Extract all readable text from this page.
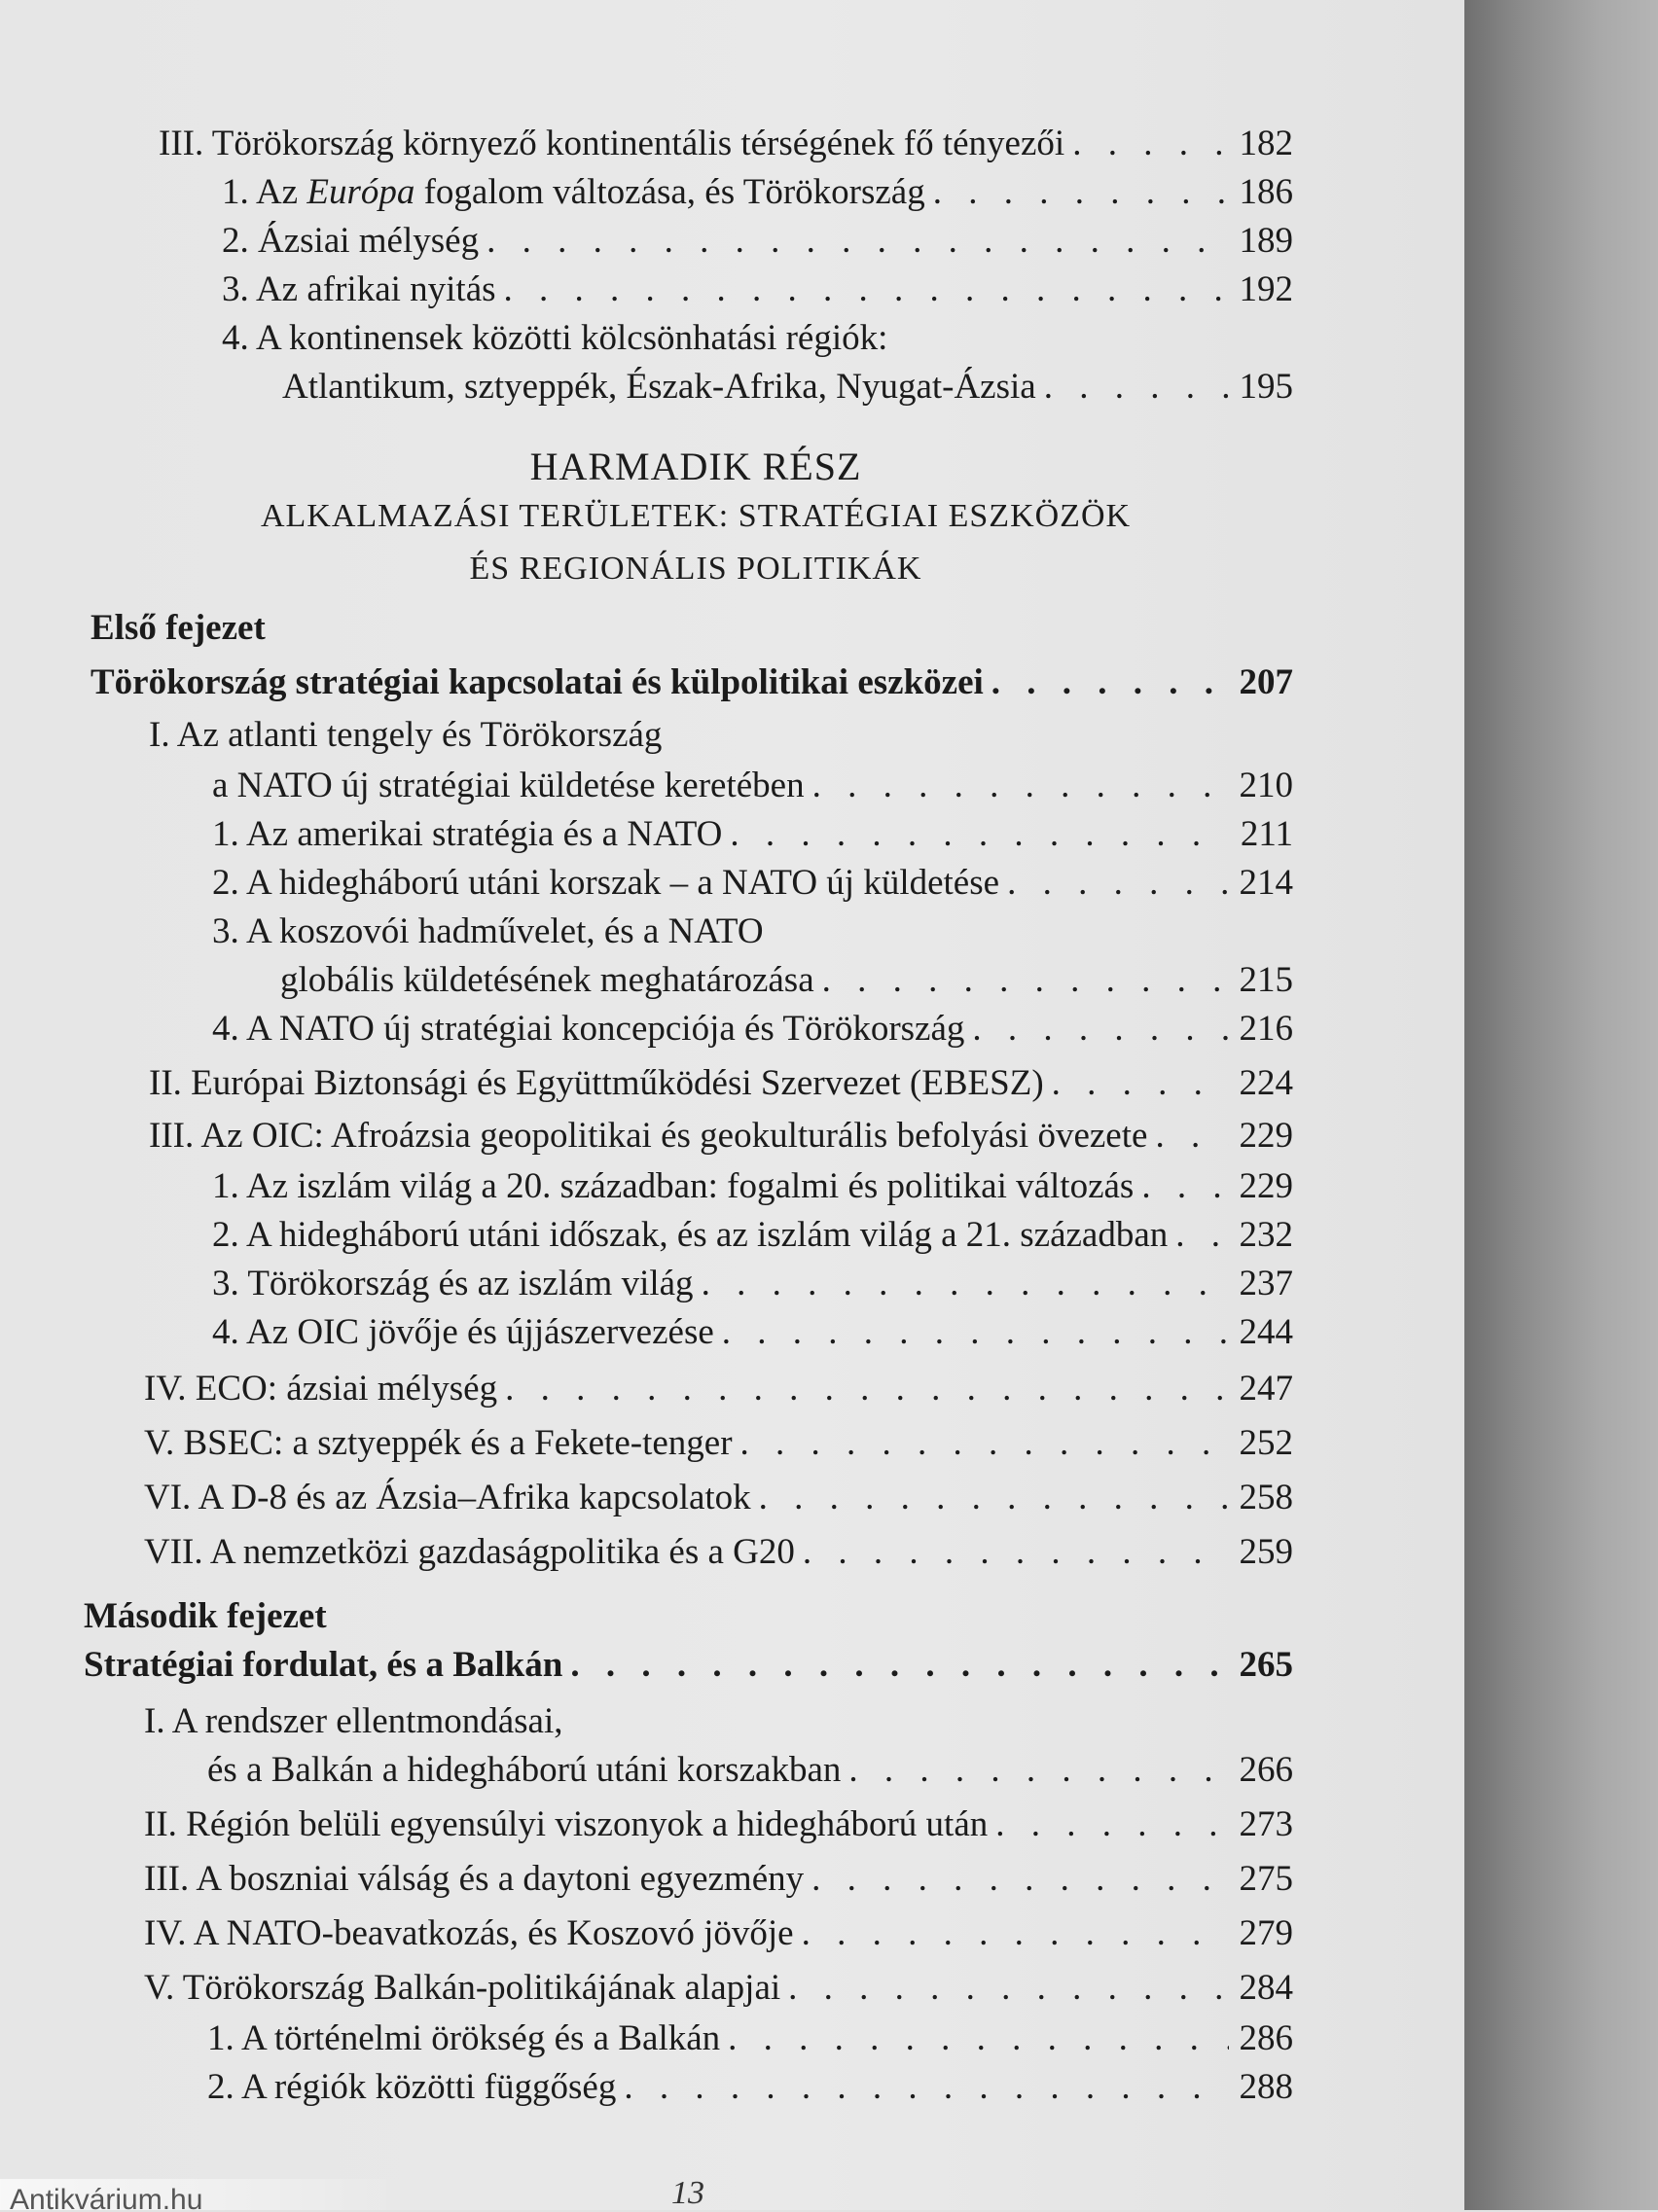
III. Törökország környező kontinentális térségének fő tényezői . . .	182
1. Az Európa fogalom változása, és Törökország . . .	186
2. Ázsiai mélység . . .	189
3. Az afrikai nyitás . . .	192
4. A kontinensek közötti kölcsönhatási régiók:
Atlantikum, sztyeppék, Észak-Afrika, Nyugat-Ázsia . . .	195
HARMADIK RÉSZ
ALKALMAZÁSI TERÜLETEK: STRATÉGIAI ESZKÖZÖK
ÉS REGIONÁLIS POLITIKÁK
Első fejezet
Törökország stratégiai kapcsolatai és külpolitikai eszközei . . .	207
I. Az atlanti tengely és Törökország
a NATO új stratégiai küldetése keretében . . .	210
1. Az amerikai stratégia és a NATO . . .	211
2. A hidegháború utáni korszak – a NATO új küldetése . . .	214
3. A koszovói hadművelet, és a NATO
globális küldetésének meghatározása . . .	215
4. A NATO új stratégiai koncepciója és Törökország . . .	216
II. Európai Biztonsági és Együttműködési Szervezet (EBESZ) . . .	224
III. Az OIC: Afroázsia geopolitikai és geokulturális befolyási övezete . . .	229
1. Az iszlám világ a 20. században: fogalmi és politikai változás . . .	229
2. A hidegháború utáni időszak, és az iszlám világ a 21. században . . . 232
3. Törökország és az iszlám világ . . .	237
4. Az OIC jövője és újjászervezése . . .	244
IV. ECO: ázsiai mélység . . .	247
V. BSEC: a sztyeppék és a Fekete-tenger . . .	252
VI. A D-8 és az Ázsia–Afrika kapcsolatok . . .	258
VII. A nemzetközi gazdaságpolitika és a G20 . . .	259
Második fejezet
Stratégiai fordulat, és a Balkán . . .	265
I. A rendszer ellentmondásai,
és a Balkán a hidegháború utáni korszakban . . .	266
II. Régión belüli egyensúlyi viszonyok a hidegháború után . . .	273
III. A boszniai válság és a daytoni egyezmény . . .	275
IV. A NATO-beavatkozás, és Koszovó jövője . . .	279
V. Törökország Balkán-politikájának alapjai . . .	284
1. A történelmi örökség és a Balkán . . .	286
2. A régiók közötti függőség . . .	288
13
Antikvárium.hu
